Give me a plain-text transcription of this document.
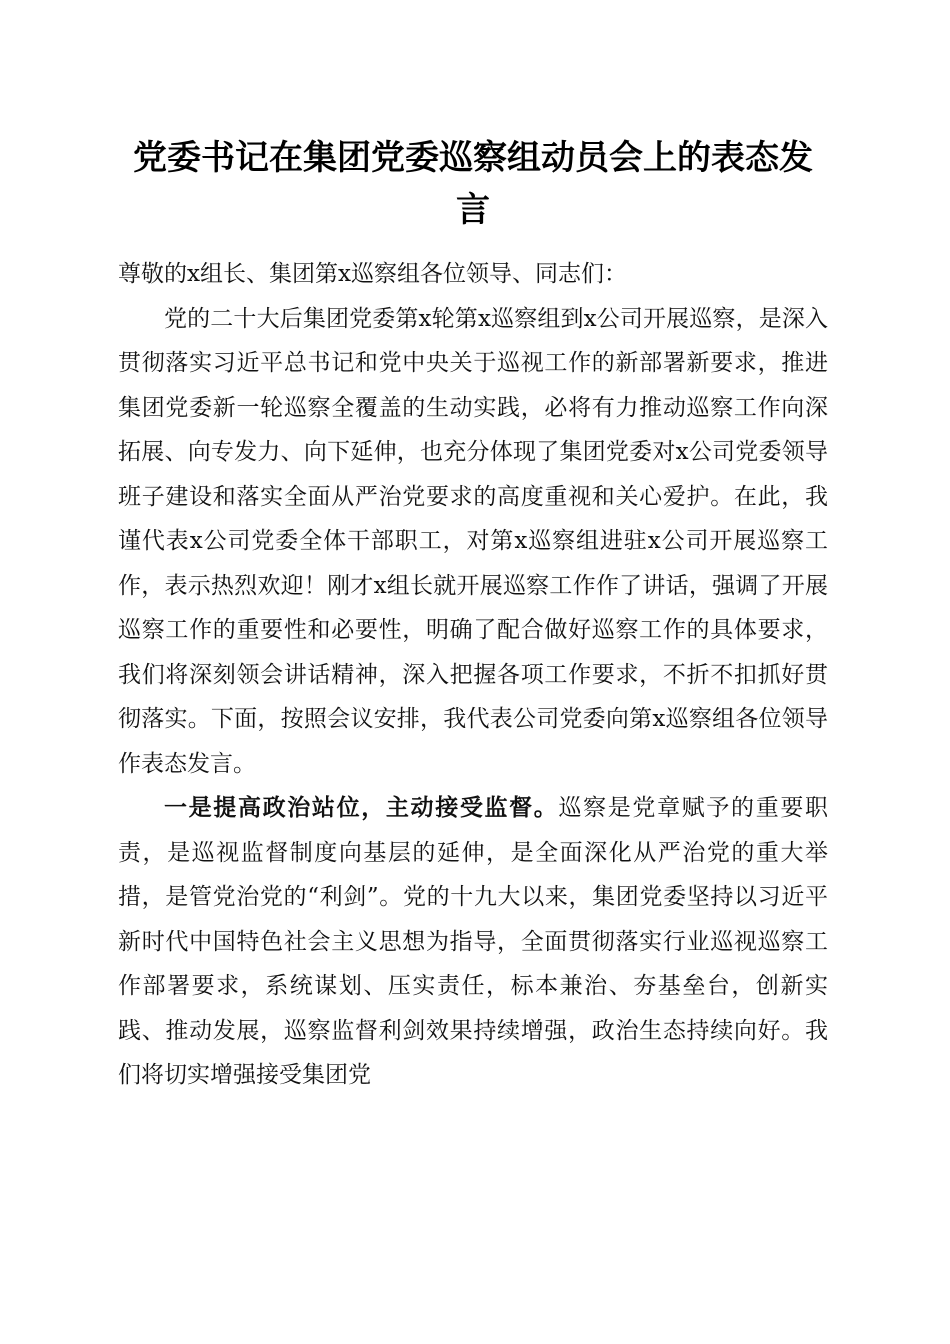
党委书记在集团党委巡察组动员会上的表态发言

尊敬的x组长、集团第x巡察组各位领导、同志们：

党的二十大后集团党委第x轮第x巡察组到x公司开展巡察，是深入贯彻落实习近平总书记和党中央关于巡视工作的新部署新要求，推进集团党委新一轮巡察全覆盖的生动实践，必将有力推动巡察工作向深拓展、向专发力、向下延伸，也充分体现了集团党委对x公司党委领导班子建设和落实全面从严治党要求的高度重视和关心爱护。在此，我谨代表x公司党委全体干部职工，对第x巡察组进驻x公司开展巡察工作，表示热烈欢迎！刚才x组长就开展巡察工作作了讲话，强调了开展巡察工作的重要性和必要性，明确了配合做好巡察工作的具体要求，我们将深刻领会讲话精神，深入把握各项工作要求，不折不扣抓好贯彻落实。下面，按照会议安排，我代表公司党委向第x巡察组各位领导作表态发言。

一是提高政治站位，主动接受监督。巡察是党章赋予的重要职责，是巡视监督制度向基层的延伸，是全面深化从严治党的重大举措，是管党治党的“利剑”。党的十九大以来，集团党委坚持以习近平新时代中国特色社会主义思想为指导，全面贯彻落实行业巡视巡察工作部署要求，系统谋划、压实责任，标本兼治、夯基垒台，创新实践、推动发展，巡察监督利剑效果持续增强，政治生态持续向好。我们将切实增强接受集团党
